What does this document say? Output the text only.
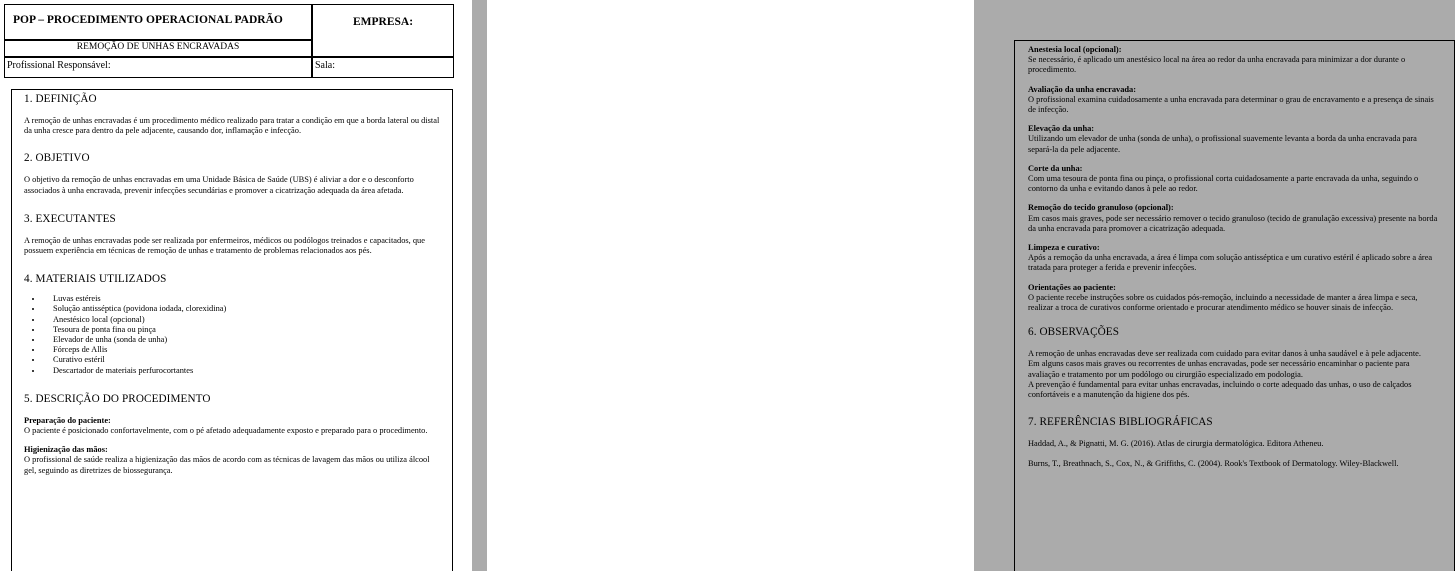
POP – PROCEDIMENTO OPERACIONAL PADRÃO	EMPRESA:
REMOÇÃO DE UNHAS ENCRAVADAS
Profissional Responsável:	Sala:
1. DEFINIÇÃO

A remoção de unhas encravadas é um procedimento médico realizado para tratar a condição em que a borda lateral ou distal da unha cresce para dentro da pele adjacente, causando dor, inflamação e infecção.

2. OBJETIVO

O objetivo da remoção de unhas encravadas em uma Unidade Básica de Saúde (UBS) é aliviar a dor e o desconforto associados à unha encravada, prevenir infecções secundárias e promover a cicatrização adequada da área afetada.

3. EXECUTANTES

A remoção de unhas encravadas pode ser realizada por enfermeiros, médicos ou podólogos treinados e capacitados, que possuem experiência em técnicas de remoção de unhas e tratamento de problemas relacionados aos pés.

4. MATERIAIS UTILIZADOS
• Luvas estéreis
• Solução antisséptica (povidona iodada, clorexidina)
• Anestésico local (opcional)
• Tesoura de ponta fina ou pinça
• Elevador de unha (sonda de unha)
• Fórceps de Allis
• Curativo estéril
• Descartador de materiais perfurocortantes
5. DESCRIÇÃO DO PROCEDIMENTO
Preparação do paciente:

O paciente é posicionado confortavelmente, com o pé afetado adequadamente exposto e preparado para o procedimento.

Higienização das mãos:

O profissional de saúde realiza a higienização das mãos de acordo com as técnicas de lavagem das mãos ou utiliza álcool gel, seguindo as diretrizes de biossegurança.

Anestesia local (opcional):

Se necessário, é aplicado um anestésico local na área ao redor da unha encravada para minimizar a dor durante o procedimento.

Avaliação da unha encravada:

O profissional examina cuidadosamente a unha encravada para determinar o grau de encravamento e a presença de sinais de infecção.

Elevação da unha:

Utilizando um elevador de unha (sonda de unha), o profissional suavemente levanta a borda da unha encravada para separá-la da pele adjacente.

Corte da unha:

Com uma tesoura de ponta fina ou pinça, o profissional corta cuidadosamente a parte encravada da unha, seguindo o contorno da unha e evitando danos à pele ao redor.

Remoção do tecido granuloso (opcional):

Em casos mais graves, pode ser necessário remover o tecido granuloso (tecido de granulação excessiva) presente na borda da unha encravada para promover a cicatrização adequada.

Limpeza e curativo:

Após a remoção da unha encravada, a área é limpa com solução antisséptica e um curativo estéril é aplicado sobre a área tratada para proteger a ferida e prevenir infecções.

Orientações ao paciente:

O paciente recebe instruções sobre os cuidados pós-remoção, incluindo a necessidade de manter a área limpa e seca, realizar a troca de curativos conforme orientado e procurar atendimento médico se houver sinais de infecção.

6. OBSERVAÇÕES

A remoção de unhas encravadas deve ser realizada com cuidado para evitar danos à unha saudável e à pele adjacente.

Em alguns casos mais graves ou recorrentes de unhas encravadas, pode ser necessário encaminhar o paciente para avaliação e tratamento por um podólogo ou cirurgião especializado em podologia.

A prevenção é fundamental para evitar unhas encravadas, incluindo o corte adequado das unhas, o uso de calçados confortáveis e a manutenção da higiene dos pés.

7. REFERÊNCIAS BIBLIOGRÁFICAS

Haddad, A., & Pignatti, M. G. (2016). Atlas de cirurgia dermatológica. Editora Atheneu.

Burns, T., Breathnach, S., Cox, N., & Griffiths, C. (2004). Rook's Textbook of Dermatology. Wiley-Blackwell.
